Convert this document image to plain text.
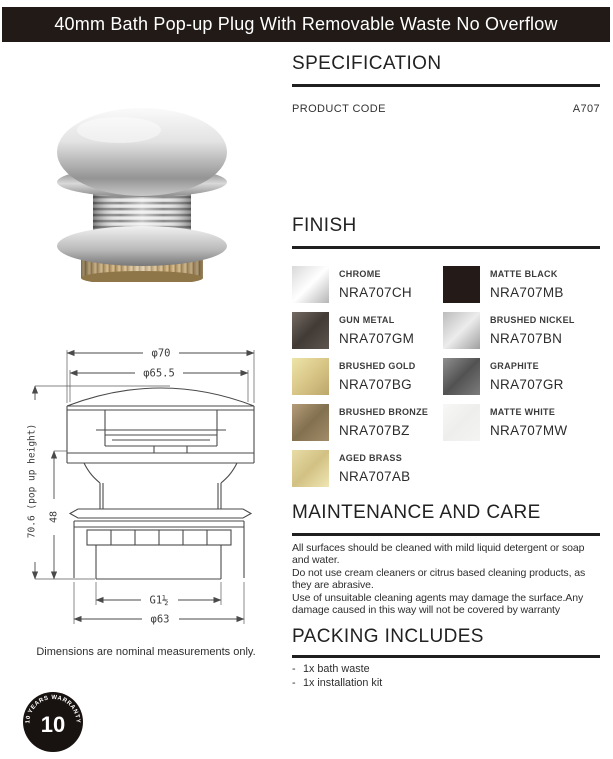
40mm Bath Pop-up Plug With Removable Waste No Overflow
SPECIFICATION
PRODUCT CODE	A707
FINISH
CHROME
NRA707CH
MATTE BLACK
NRA707MB
GUN METAL
NRA707GM
BRUSHED NICKEL
NRA707BN
BRUSHED GOLD
NRA707BG
GRAPHITE
NRA707GR
BRUSHED BRONZE
NRA707BZ
MATTE WHITE
NRA707MW
AGED BRASS
NRA707AB
φ70
φ65.5
G1½
φ63
70.6 (pop up height) 48
Dimensions are nominal measurements only.
MAINTENANCE AND CARE

All surfaces should be cleaned with mild liquid detergent or soap and water.

Do not use cream cleaners or citrus based cleaning products, as they are abrasive.

Use of unsuitable cleaning agents may damage the surface.Any damage caused in this way will not be covered by warranty

PACKING INCLUDES
- 1x bath waste
- 1x installation kit
10 YEARS WARRANTY
10
